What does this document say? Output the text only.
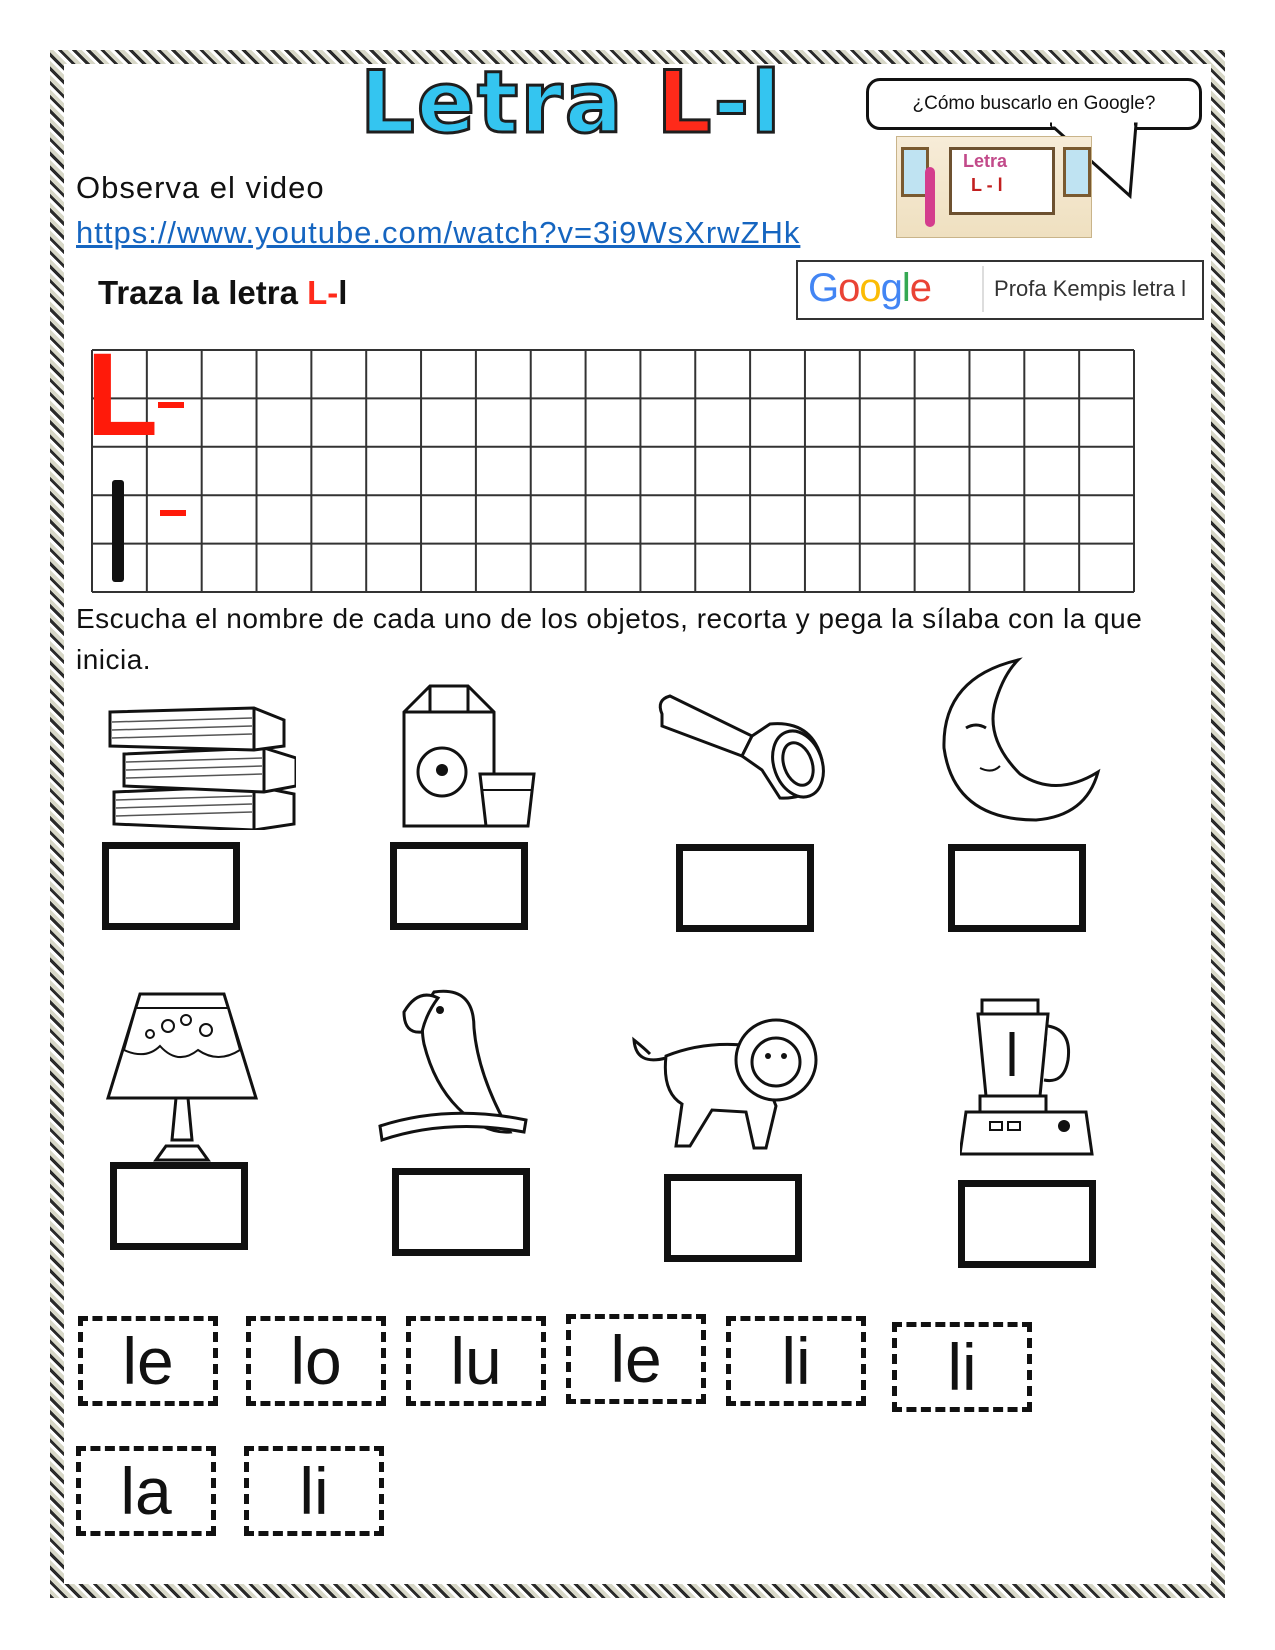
Letra L-l	¿Cómo buscarlo en Google?
Letra
L - l
Observa el video
https://www.youtube.com/watch?v=3i9WsXrwZHk
Traza la letra L-l	Google	Profa Kempis letra l
L
Escucha el nombre de cada uno de los objetos, recorta y pega la sílaba con la que inicia.
le	lo	lu	le	li	li
la	li
